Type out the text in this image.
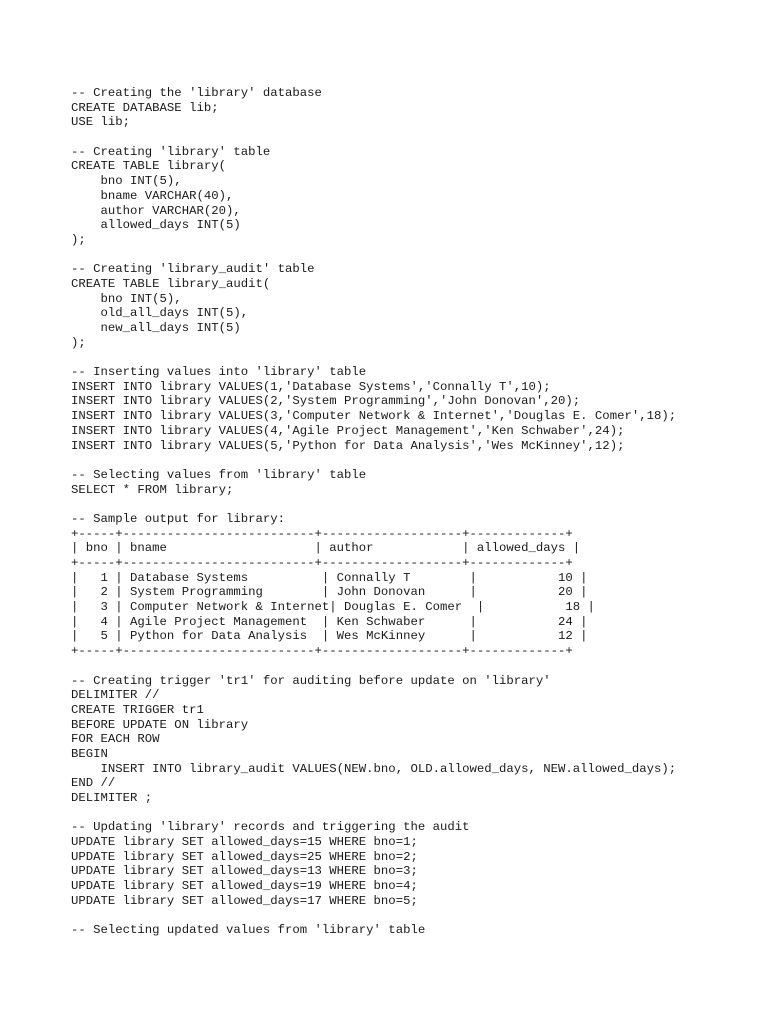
-- Creating the 'library' database
CREATE DATABASE lib;
USE lib;
-- Creating 'library' table
CREATE TABLE library(
bno INT(5),
bname VARCHAR(40),
author VARCHAR(20),
allowed_days INT(5)
);
-- Creating 'library_audit' table
CREATE TABLE library_audit(
bno INT(5),
old_all_days INT(5),
new_all_days INT(5)
);
-- Inserting values into 'library' table
INSERT INTO library VALUES(1,'Database Systems','Connally T',10);
INSERT INTO library VALUES(2,'System Programming','John Donovan',20);
INSERT INTO library VALUES(3,'Computer Network & Internet','Douglas E. Comer',18);
INSERT INTO library VALUES(4,'Agile Project Management','Ken Schwaber',24);
INSERT INTO library VALUES(5,'Python for Data Analysis','Wes McKinney',12);
-- Selecting values from 'library' table
SELECT * FROM library;
-- Sample output for library:
+-----+--------------------------+-------------------+-------------+
| bno | bname                    | author            | allowed_days |
+-----+--------------------------+-------------------+-------------+
|   1 | Database Systems          | Connally T        |           10 |
|   2 | System Programming        | John Donovan      |           20 |
|   3 | Computer Network & Internet| Douglas E. Comer  |           18 |
|   4 | Agile Project Management  | Ken Schwaber      |           24 |
|   5 | Python for Data Analysis  | Wes McKinney      |           12 |
+-----+--------------------------+-------------------+-------------+
-- Creating trigger 'tr1' for auditing before update on 'library'
DELIMITER //
CREATE TRIGGER tr1
BEFORE UPDATE ON library
FOR EACH ROW
BEGIN
INSERT INTO library_audit VALUES(NEW.bno, OLD.allowed_days, NEW.allowed_days);
END //
DELIMITER ;
-- Updating 'library' records and triggering the audit
UPDATE library SET allowed_days=15 WHERE bno=1;
UPDATE library SET allowed_days=25 WHERE bno=2;
UPDATE library SET allowed_days=13 WHERE bno=3;
UPDATE library SET allowed_days=19 WHERE bno=4;
UPDATE library SET allowed_days=17 WHERE bno=5;
-- Selecting updated values from 'library' table
